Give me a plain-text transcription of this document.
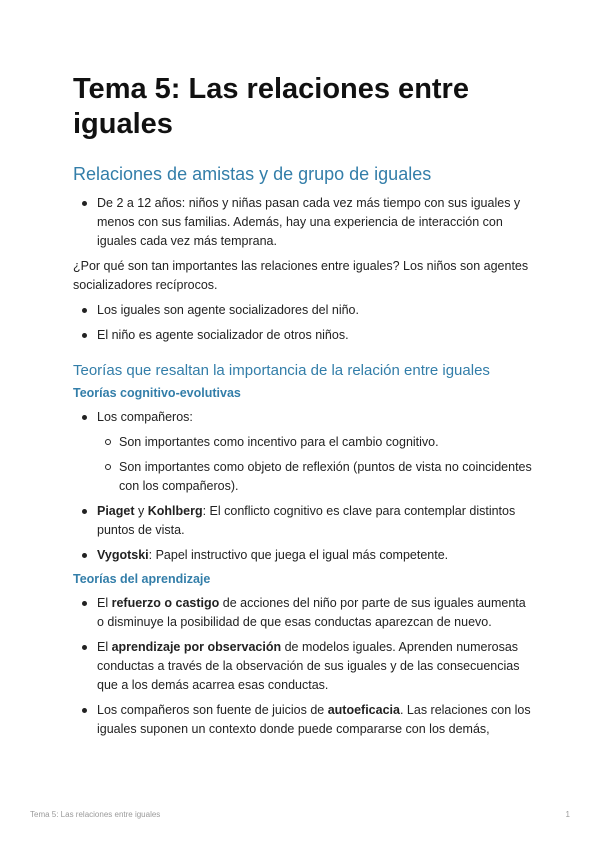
Tema 5: Las relaciones entre iguales
Relaciones de amistas y de grupo de iguales
De 2 a 12 años: niños y niñas pasan cada vez más tiempo con sus iguales y menos con sus familias. Además, hay una experiencia de interacción con iguales cada vez más temprana.

¿Por qué son tan importantes las relaciones entre iguales? Los niños son agentes socializadores recíprocos.

Los iguales son agente socializadores del niño.
El niño es agente socializador de otros niños.
Teorías que resaltan la importancia de la relación entre iguales
Teorías cognitivo-evolutivas
Los compañeros:
Son importantes como incentivo para el cambio cognitivo.
Son importantes como objeto de reflexión (puntos de vista no coincidentes con los compañeros).
Piaget y Kohlberg: El conflicto cognitivo es clave para contemplar distintos puntos de vista.
Vygotski: Papel instructivo que juega el igual más competente.
Teorías del aprendizaje
El refuerzo o castigo de acciones del niño por parte de sus iguales aumenta o disminuye la posibilidad de que esas conductas aparezcan de nuevo.
El aprendizaje por observación de modelos iguales. Aprenden numerosas conductas a través de la observación de sus iguales y de las consecuencias que a los demás acarrea esas conductas.
Los compañeros son fuente de juicios de autoeficacia. Las relaciones con los iguales suponen un contexto donde puede compararse con los demás,
Tema 5: Las relaciones entre iguales	1
